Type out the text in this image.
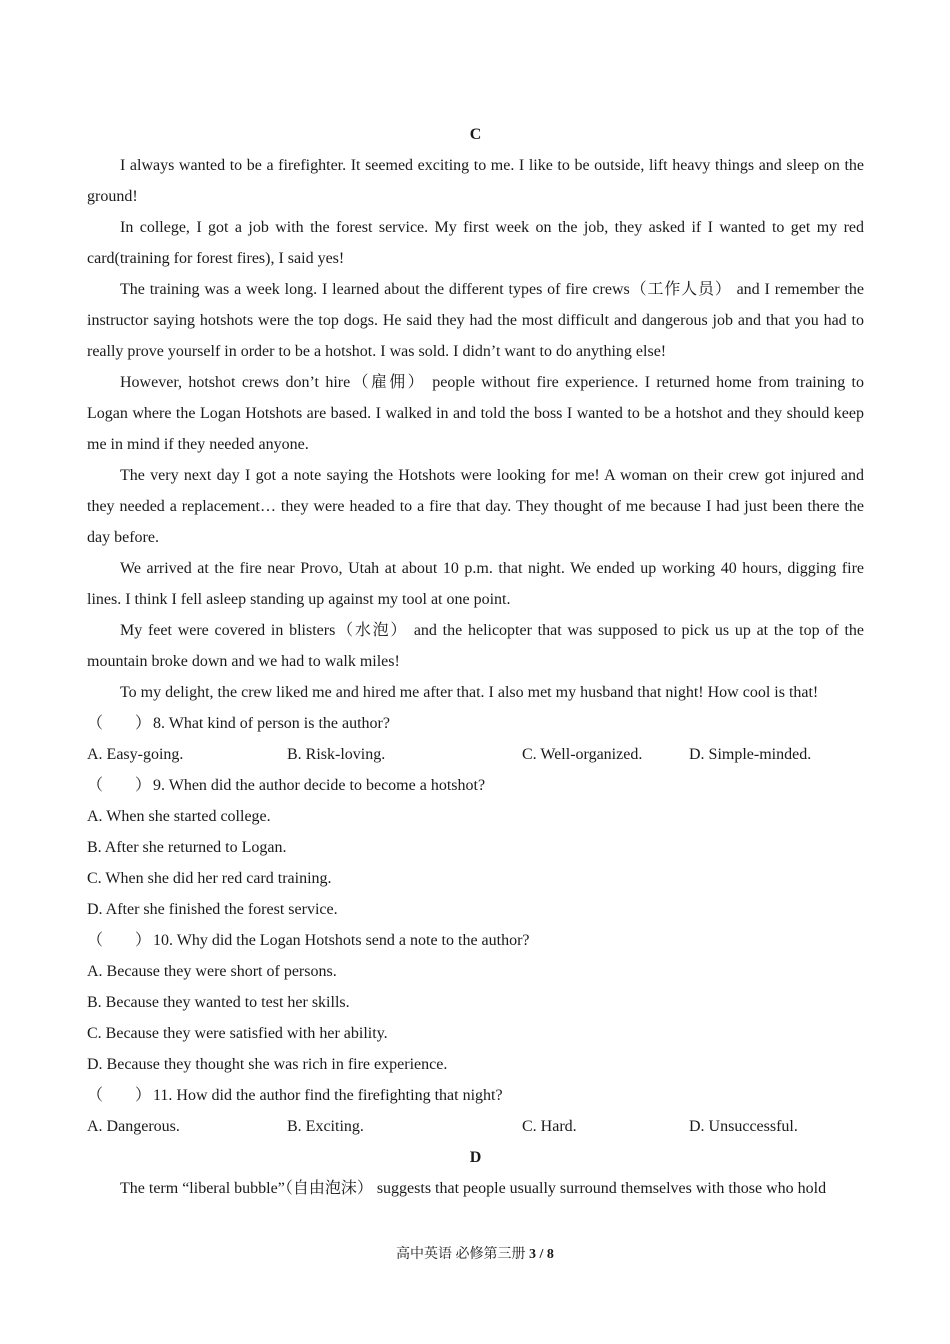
C

I always wanted to be a firefighter. It seemed exciting to me. I like to be outside, lift heavy things and sleep on the ground!

In college, I got a job with the forest service. My first week on the job, they asked if I wanted to get my red card(training for forest fires), I said yes!

The training was a week long. I learned about the different types of fire crews（工作人员） and I remember the instructor saying hotshots were the top dogs. He said they had the most difficult and dangerous job and that you had to really prove yourself in order to be a hotshot. I was sold. I didn’t want to do anything else!

However, hotshot crews don’t hire（雇佣） people without fire experience. I returned home from training to Logan where the Logan Hotshots are based. I walked in and told the boss I wanted to be a hotshot and they should keep me in mind if they needed anyone.

The very next day I got a note saying the Hotshots were looking for me! A woman on their crew got injured and they needed a replacement… they were headed to a fire that day. They thought of me because I had just been there the day before.

We arrived at the fire near Provo, Utah at about 10 p.m. that night. We ended up working 40 hours, digging fire lines. I think I fell asleep standing up against my tool at one point.

My feet were covered in blisters（水泡） and the helicopter that was supposed to pick us up at the top of the mountain broke down and we had to walk miles!

To my delight, the crew liked me and hired me after that. I also met my husband that night! How cool is that!

（　　） 8. What kind of person is the author?
A. Easy-going.	B. Risk-loving.	C. Well-organized.	D. Simple-minded.
（　　） 9. When did the author decide to become a hotshot?
A. When she started college.
B. After she returned to Logan.
C. When she did her red card training.
D. After she finished the forest service.
（　　） 10. Why did the Logan Hotshots send a note to the author?
A. Because they were short of persons.
B. Because they wanted to test her skills.
C. Because they were satisfied with her ability.
D. Because they thought she was rich in fire experience.
（　　） 11. How did the author find the firefighting that night?
A. Dangerous.	B. Exciting.	C. Hard.	D. Unsuccessful.
D

The term “liberal bubble”（自由泡沫） suggests that people usually surround themselves with those who hold

高中英语 必修第三册 3 / 8
